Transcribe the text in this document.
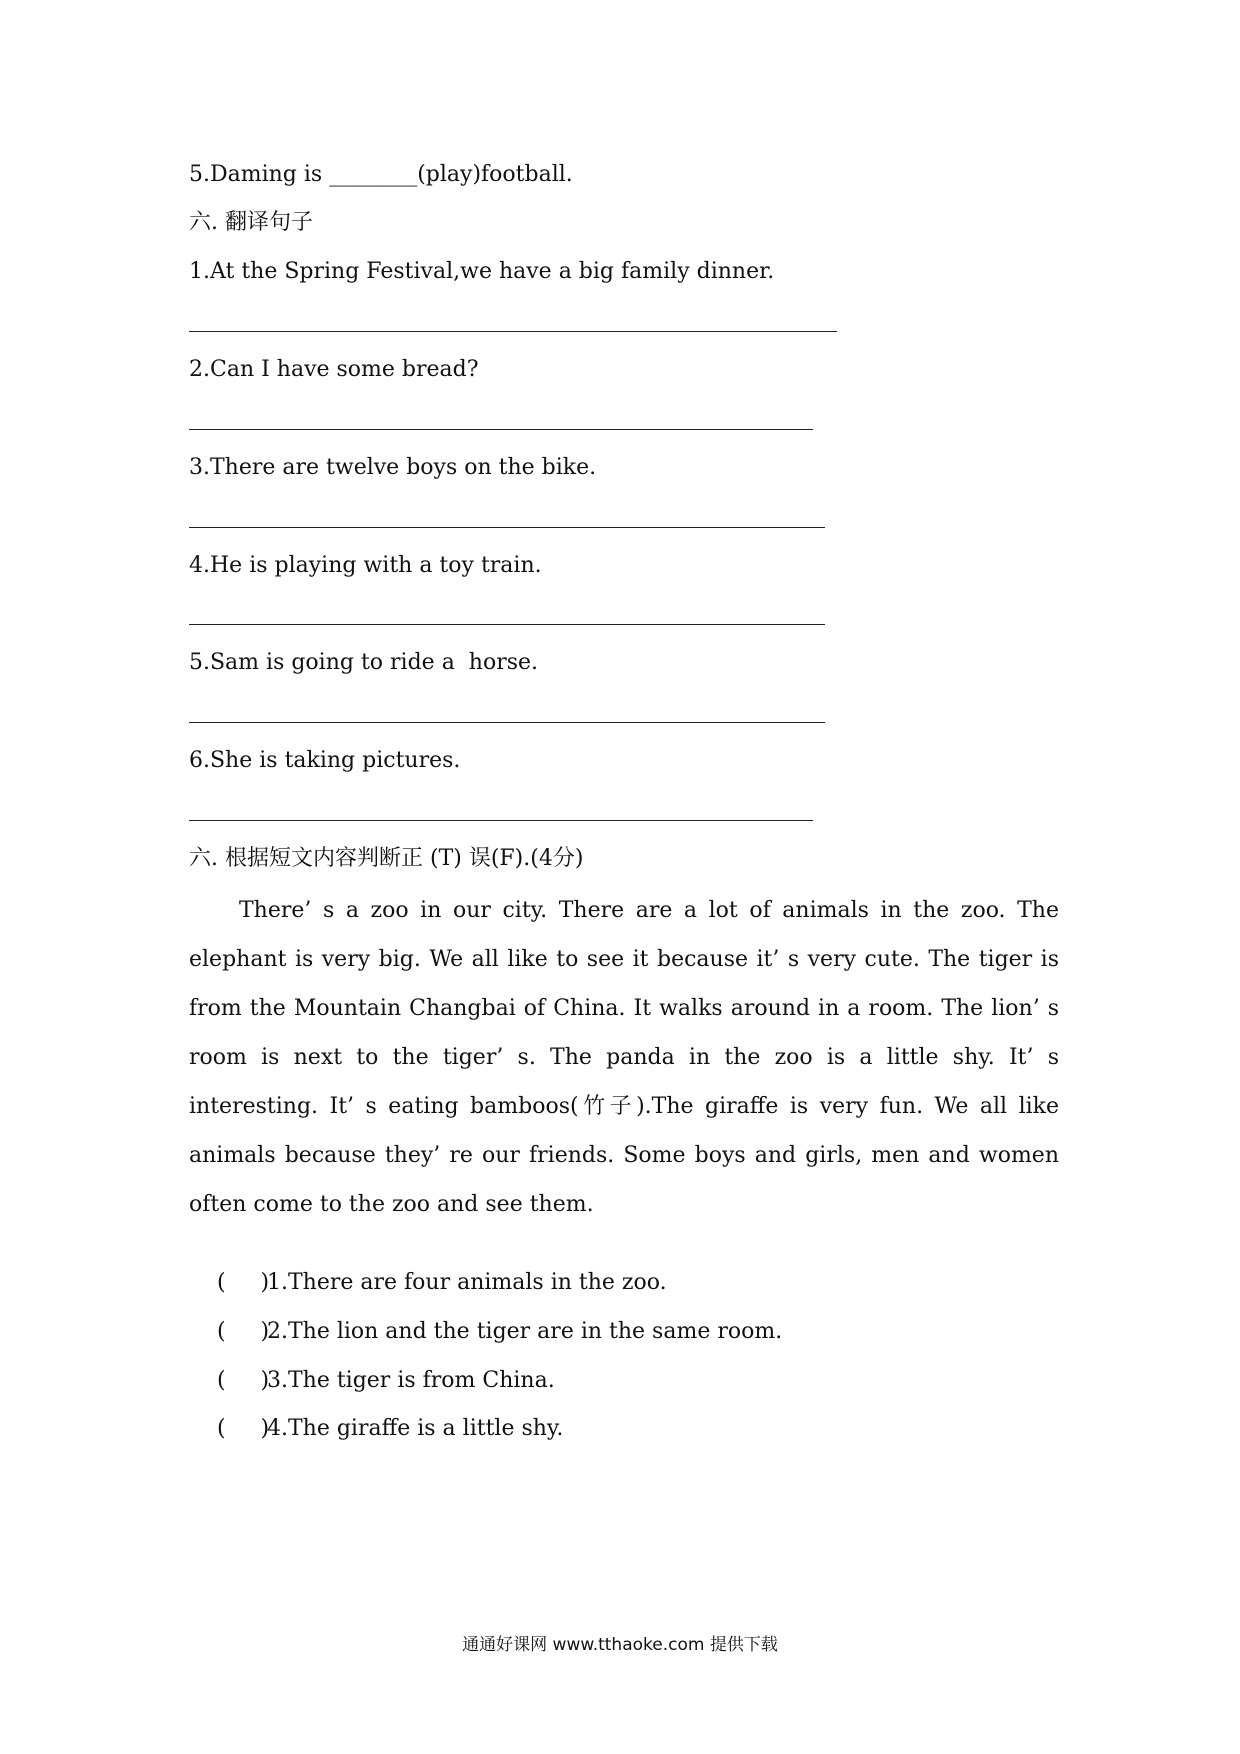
5.Daming is ________(play)football.
六. 翻译句子
1.At the Spring Festival,we have a big family dinner.
2.Can I have some bread?
3.There are twelve boys on the bike.
4.He is playing with a toy train.
5.Sam is going to ride a  horse.
6.She is taking pictures.
六. 根据短文内容判断正 (T) 误(F).(4分)
There’ s a zoo in our city. There are a lot of animals in the zoo. The elephant is very big. We all like to see it because it’ s very cute. The tiger is from the Mountain Changbai of China. It walks around in a room. The lion’ s room is next to the tiger’ s. The panda in the zoo is a little shy. It’ s interesting. It’ s eating bamboos(竹子).The giraffe is very fun. We all like animals because they’ re our friends. Some boys and girls, men and women often come to the zoo and see them.

(     )1.There are four animals in the zoo.

(     )2.The lion and the tiger are in the same room.

(     )3.The tiger is from China.

(     )4.The giraffe is a little shy.

通通好课网 www.tthaoke.com 提供下载
